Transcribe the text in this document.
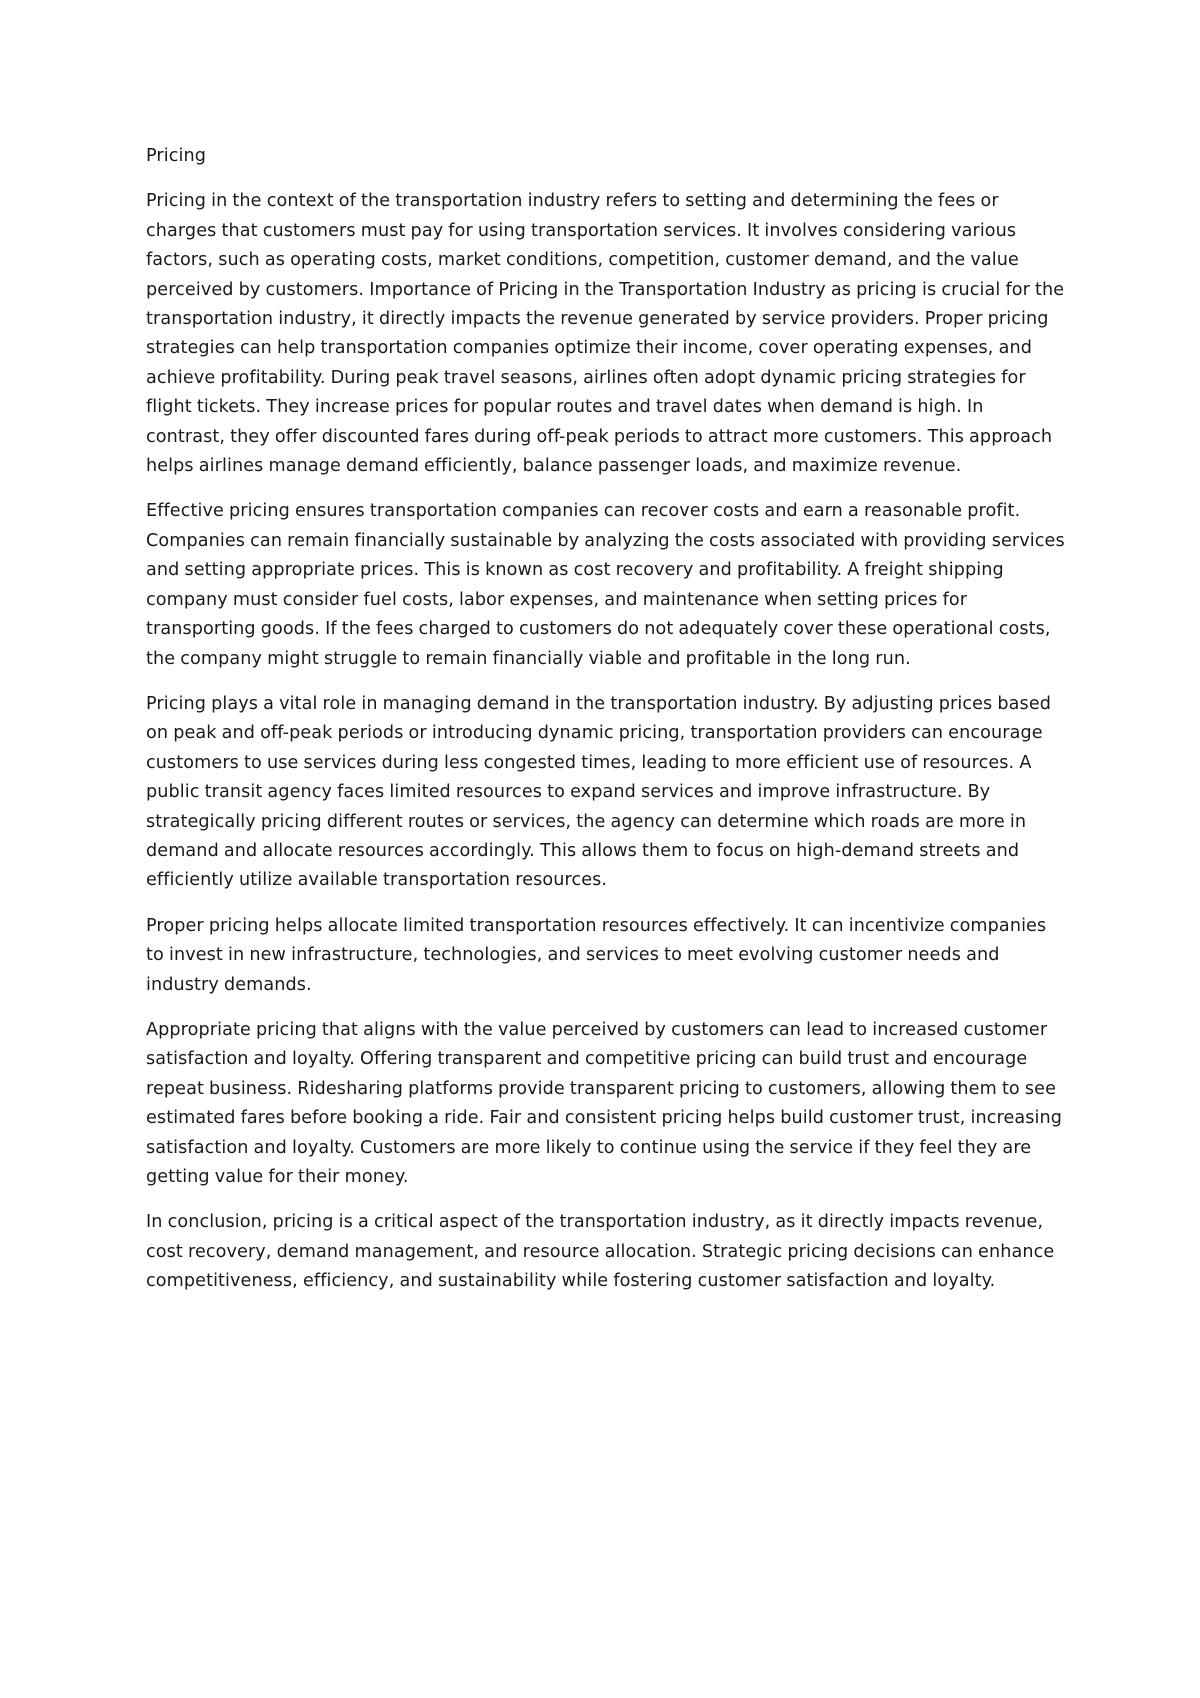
Pricing

Pricing in the context of the transportation industry refers to setting and determining the fees or charges that customers must pay for using transportation services. It involves considering various factors, such as operating costs, market conditions, competition, customer demand, and the value perceived by customers. Importance of Pricing in the Transportation Industry as pricing is crucial for the transportation industry, it directly impacts the revenue generated by service providers. Proper pricing strategies can help transportation companies optimize their income, cover operating expenses, and achieve profitability. During peak travel seasons, airlines often adopt dynamic pricing strategies for flight tickets. They increase prices for popular routes and travel dates when demand is high. In contrast, they offer discounted fares during off-peak periods to attract more customers. This approach helps airlines manage demand efficiently, balance passenger loads, and maximize revenue.

Effective pricing ensures transportation companies can recover costs and earn a reasonable profit. Companies can remain financially sustainable by analyzing the costs associated with providing services and setting appropriate prices. This is known as cost recovery and profitability. A freight shipping company must consider fuel costs, labor expenses, and maintenance when setting prices for transporting goods. If the fees charged to customers do not adequately cover these operational costs, the company might struggle to remain financially viable and profitable in the long run.

Pricing plays a vital role in managing demand in the transportation industry. By adjusting prices based on peak and off-peak periods or introducing dynamic pricing, transportation providers can encourage customers to use services during less congested times, leading to more efficient use of resources. A public transit agency faces limited resources to expand services and improve infrastructure. By strategically pricing different routes or services, the agency can determine which roads are more in demand and allocate resources accordingly. This allows them to focus on high-demand streets and efficiently utilize available transportation resources.

Proper pricing helps allocate limited transportation resources effectively. It can incentivize companies to invest in new infrastructure, technologies, and services to meet evolving customer needs and industry demands.

Appropriate pricing that aligns with the value perceived by customers can lead to increased customer satisfaction and loyalty. Offering transparent and competitive pricing can build trust and encourage repeat business. Ridesharing platforms provide transparent pricing to customers, allowing them to see estimated fares before booking a ride. Fair and consistent pricing helps build customer trust, increasing satisfaction and loyalty. Customers are more likely to continue using the service if they feel they are getting value for their money.

In conclusion, pricing is a critical aspect of the transportation industry, as it directly impacts revenue, cost recovery, demand management, and resource allocation. Strategic pricing decisions can enhance competitiveness, efficiency, and sustainability while fostering customer satisfaction and loyalty.
